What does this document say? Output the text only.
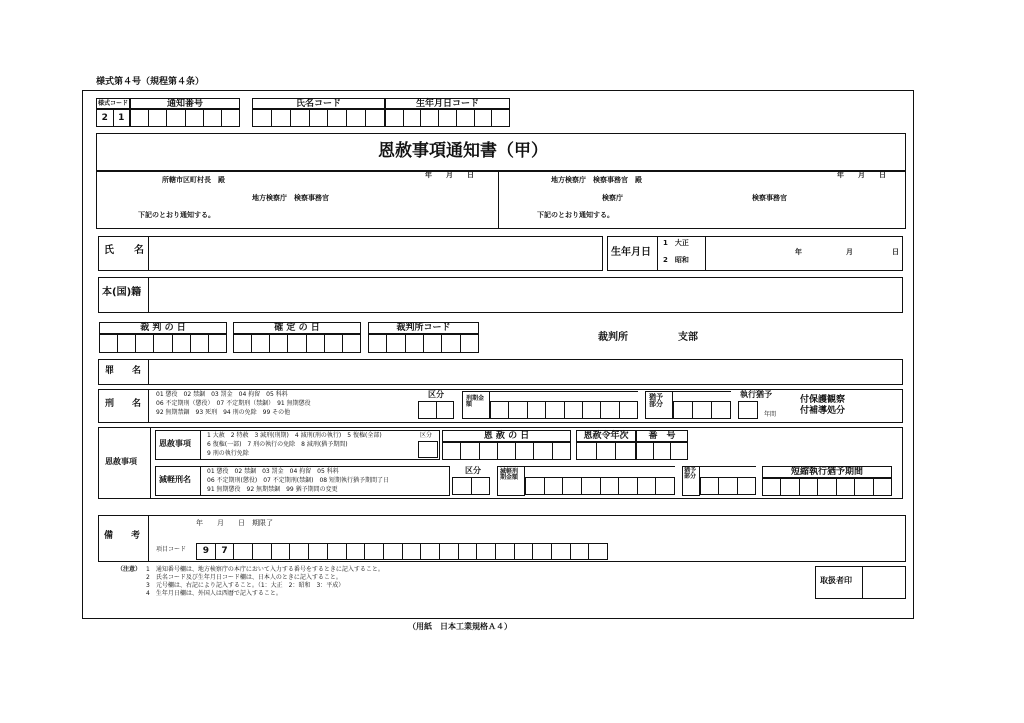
様式第４号（規程第４条）
様式コード	通知番号
2	1
氏名コード	生年月日コード
恩赦事項通知書（甲）
所轄市区町村長　殿
年　　月　　日
地方検察庁　検察事務官
下記のとおり通知する。
地方検察庁　検察事務官　殿
年　　月　　日
検察庁	検察事務官
下記のとおり通知する。
氏　　名	生年月日
1　大正
2　昭和
年	月	日
本(国)籍
裁 判 の 日	確 定 の 日	裁判所コード
裁判所	支部
罪　　名
刑　　名
01 懲役　02 禁錮　03 罰金　04 拘留　05 科料
06 不定期刑（懲役）　07 不定期刑（禁錮）　91 無期懲役
92 無期禁錮　93 死刑　94 刑の免除　99 その他
区分	刑期金額
猶予部分
執行猶予
年間
付保護観察
付補導処分
恩赦事項
恩赦事項
1 大赦　2 特赦　3 減刑(刑期)　4 減刑(刑の執行)　5 復権(全部)
6 復権(一部)　7 刑の執行の免除　8 減刑(猶予期間)
9 刑の執行免除
区分	恩 赦 の 日	恩赦令年次	番　号
減軽刑名
01 懲役　02 禁錮　03 罰金　04 拘留　05 科料
06 不定期刑(懲役)　07 不定期刑(禁錮)　08 短期執行猶予期間了日
91 無期懲役　92 無期禁錮　99 猶予期間の変更
区分	減軽刑期金額
猶予部分	短縮執行猶予期間
備　　考
年　　月　　日　期限了
項目コード	9	7
（注意） 1　通知番号欄は、地方検察庁の本庁において入力する番号をするときに記入すること。
2　氏名コード及び生年月日コード欄は、日本人のときに記入すること。
3　元号欄は、右記により記入すること。（1：大正　2：昭和　3：平成）
4　生年月日欄は、外国人は西暦で記入すること。
取扱者印
（用紙　日本工業規格Ａ４）
